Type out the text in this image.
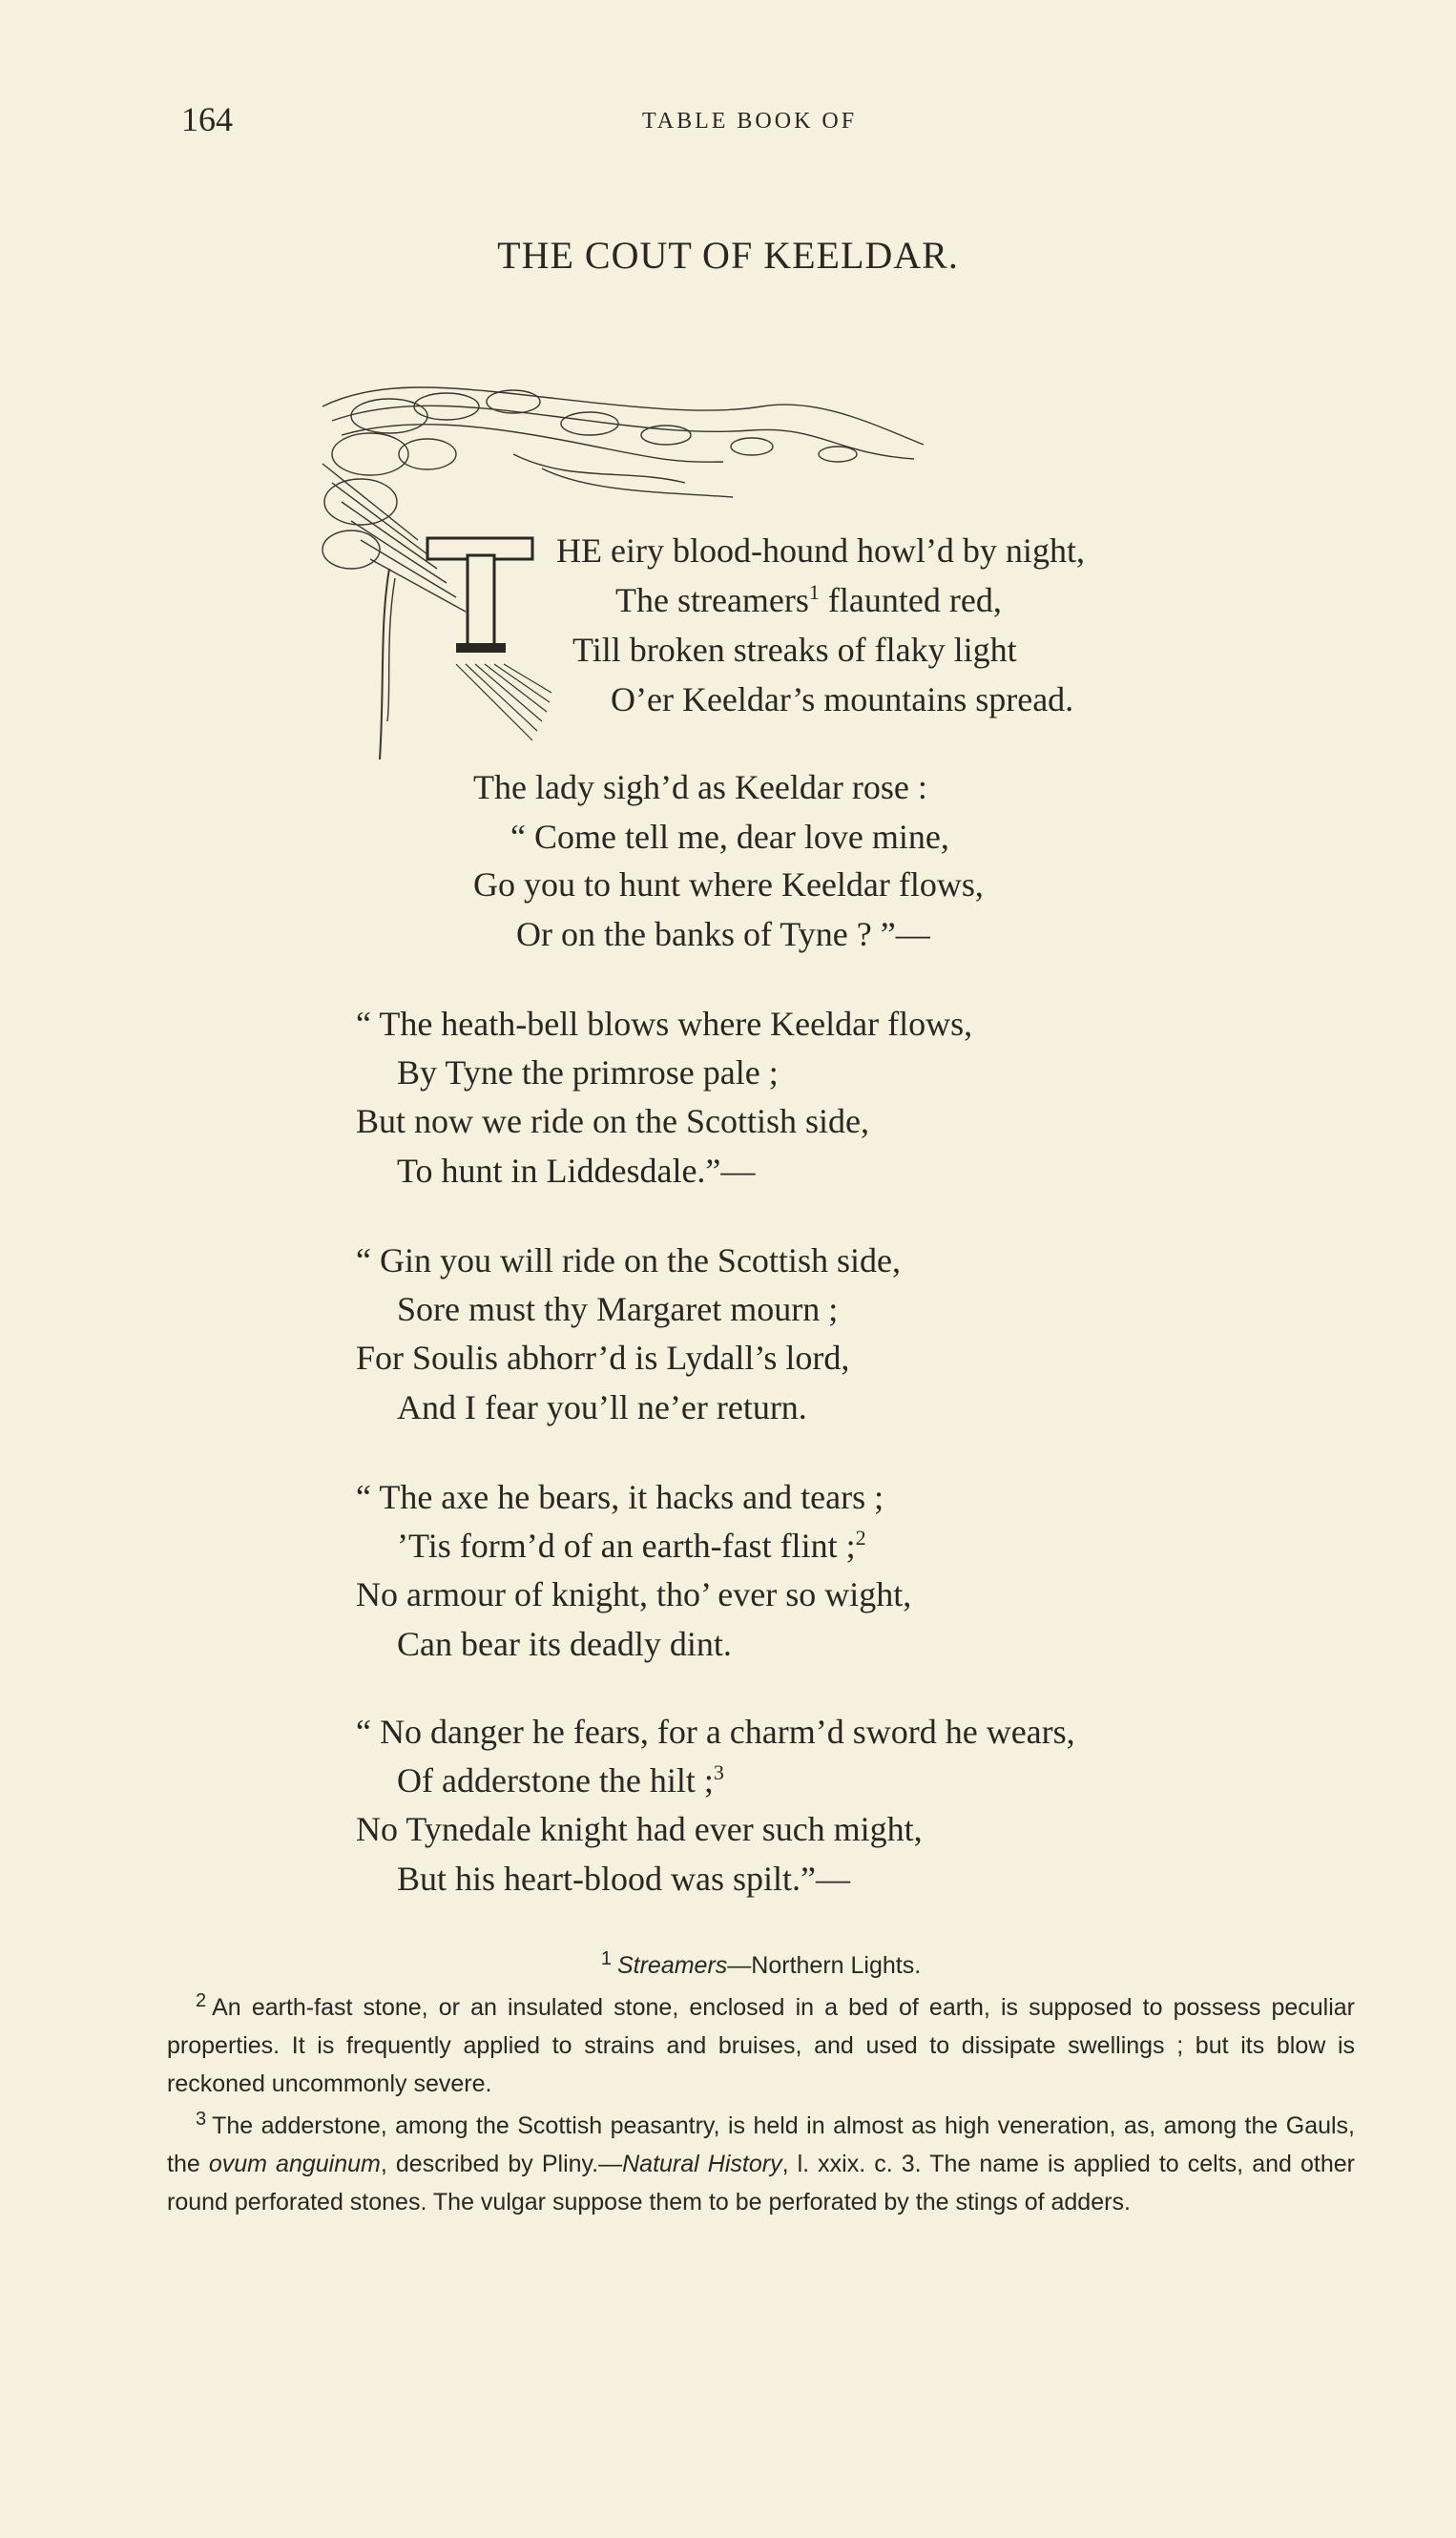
164	TABLE BOOK OF
THE COUT OF KEELDAR.
HE eiry blood-hound howl’d by night,
The streamers$^1$ flaunted red,
Till broken streaks of flaky light
O’er Keeldar’s mountains spread.
The lady sigh’d as Keeldar rose :
“ Come tell me, dear love mine,
Go you to hunt where Keeldar flows,
Or on the banks of Tyne ? ”—
“ The heath-bell blows where Keeldar flows,
By Tyne the primrose pale ;
But now we ride on the Scottish side,
To hunt in Liddesdale.”—
“ Gin you will ride on the Scottish side,
Sore must thy Margaret mourn ;
For Soulis abhorr’d is Lydall’s lord,
And I fear you’ll ne’er return.
“ The axe he bears, it hacks and tears ;
’Tis form’d of an earth-fast flint ;$^2$
No armour of knight, tho’ ever so wight,
Can bear its deadly dint.
“ No danger he fears, for a charm’d sword he wears,
Of adderstone the hilt ;$^3$
No Tynedale knight had ever such might,
But his heart-blood was spilt.”—
$^1$ Streamers—Northern Lights.
$^2$ An earth-fast stone, or an insulated stone, enclosed in a bed of earth, is supposed to possess peculiar properties. It is frequently applied to strains and bruises, and used to dissipate swellings ; but its blow is reckoned uncommonly severe.
$^3$ The adderstone, among the Scottish peasantry, is held in almost as high veneration, as, among the Gauls, the ovum anguinum, described by Pliny.—Natural History, l. xxix. c. 3. The name is applied to celts, and other round perforated stones. The vulgar suppose them to be perforated by the stings of adders.
